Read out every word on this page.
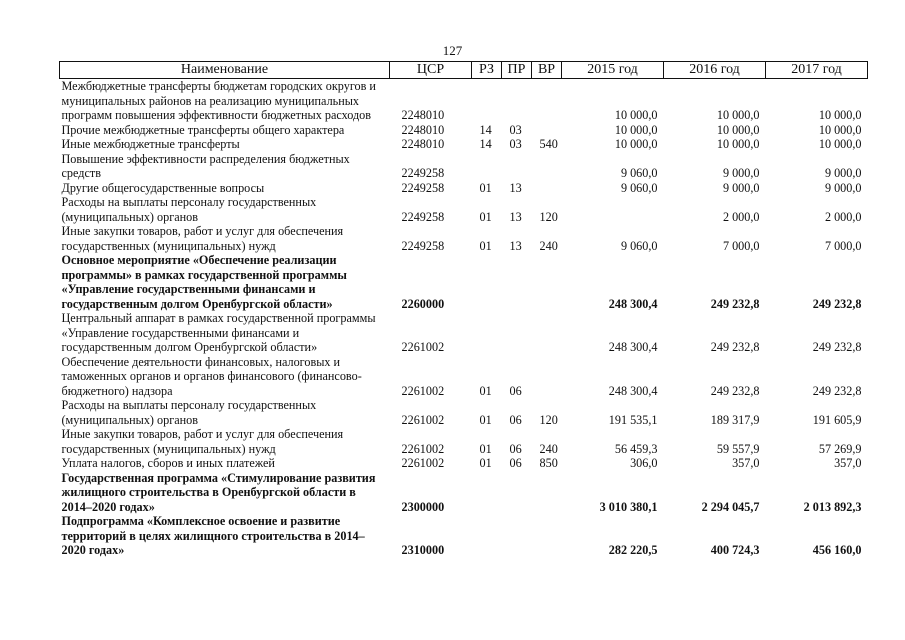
127
Наименование	ЦСР	РЗ	ПР	ВР	2015 год	2016 год	2017 год
Межбюджетные трансферты бюджетам городских округов и муниципальных районов на реализацию муниципальных программ повышения эффективности бюджетных расходов	2248010				10 000,0	10 000,0	10 000,0
Прочие межбюджетные трансферты общего характера	2248010	14	03		10 000,0	10 000,0	10 000,0
Иные межбюджетные трансферты	2248010	14	03	540	10 000,0	10 000,0	10 000,0
Повышение эффективности распределения бюджетных средств	2249258				9 060,0	9 000,0	9 000,0
Другие общегосударственные вопросы	2249258	01	13		9 060,0	9 000,0	9 000,0
Расходы на выплаты персоналу государственных (муниципальных) органов	2249258	01	13	120		2 000,0	2 000,0
Иные закупки товаров, работ и услуг для обеспечения государственных (муниципальных) нужд	2249258	01	13	240	9 060,0	7 000,0	7 000,0
Основное мероприятие «Обеспечение реализации программы» в рамках государственной программы «Управление государственными финансами и государственным долгом Оренбургской области»	2260000				248 300,4	249 232,8	249 232,8
Центральный аппарат в рамках государственной программы «Управление государственными финансами и государственным долгом Оренбургской области»	2261002				248 300,4	249 232,8	249 232,8
Обеспечение деятельности финансовых, налоговых и таможенных органов и органов финансового (финансово-бюджетного) надзора	2261002	01	06		248 300,4	249 232,8	249 232,8
Расходы на выплаты персоналу государственных (муниципальных) органов	2261002	01	06	120	191 535,1	189 317,9	191 605,9
Иные закупки товаров, работ и услуг для обеспечения государственных (муниципальных) нужд	2261002	01	06	240	56 459,3	59 557,9	57 269,9
Уплата налогов, сборов и иных платежей	2261002	01	06	850	306,0	357,0	357,0
Государственная программа «Стимулирование развития жилищного строительства в Оренбургской области в 2014–2020 годах»	2300000				3 010 380,1	2 294 045,7	2 013 892,3
Подпрограмма «Комплексное освоение и развитие территорий в целях жилищного строительства в 2014–2020 годах»	2310000				282 220,5	400 724,3	456 160,0
